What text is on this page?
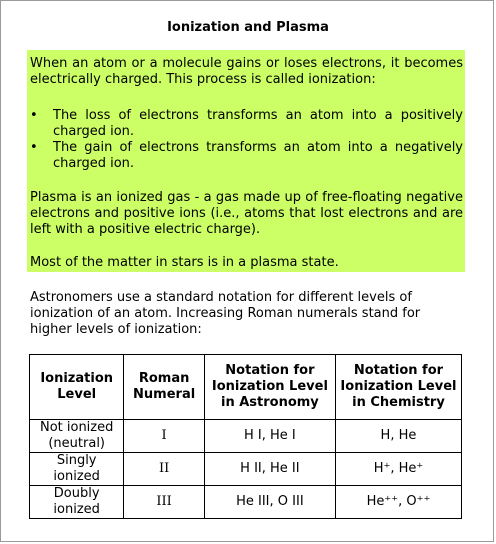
Ionization and Plasma

When an atom or a molecule gains or loses electrons, it becomes electrically charged. This process is called ionization:

• The loss of electrons transforms an atom into a positively charged ion.

• The gain of electrons transforms an atom into a negatively charged ion.

Plasma is an ionized gas - a gas made up of free-floating negative electrons and positive ions (i.e., atoms that lost electrons and are left with a positive electric charge).

Most of the matter in stars is in a plasma state.

Astronomers use a standard notation for different levels of ionization of an atom. Increasing Roman numerals stand for higher levels of ionization:

Ionization Level	Roman Numeral	Notation for Ionization Level in Astronomy	Notation for Ionization Level in Chemistry
Not ionized (neutral)	I	H I, He I	H, He
Singly ionized	II	H II, He II	H⁺, He⁺
Doubly ionized	III	He III, O III	He⁺⁺, O⁺⁺
